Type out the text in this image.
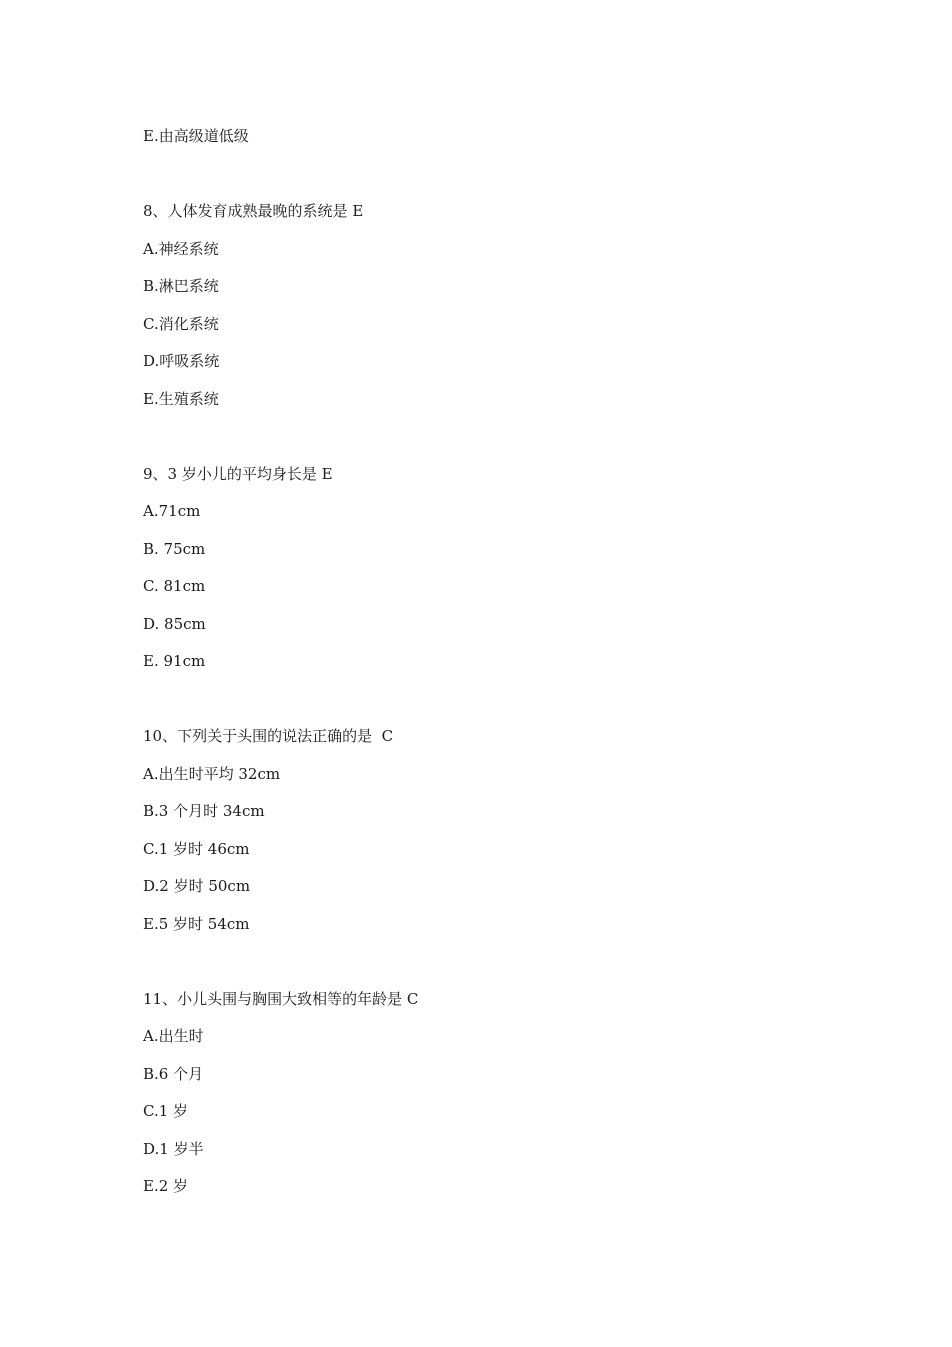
E.由高级道低级
8、人体发育成熟最晚的系统是 E
A.神经系统
B.淋巴系统
C.消化系统
D.呼吸系统
E.生殖系统
9、3 岁小儿的平均身长是 E
A.71cm
B. 75cm
C. 81cm
D. 85cm
E. 91cm
10、下列关于头围的说法正确的是  C
A.出生时平均 32cm
B.3 个月时 34cm
C.1 岁时 46cm
D.2 岁时 50cm
E.5 岁时 54cm
11、小儿头围与胸围大致相等的年龄是 C
A.出生时
B.6 个月
C.1 岁
D.1 岁半
E.2 岁
